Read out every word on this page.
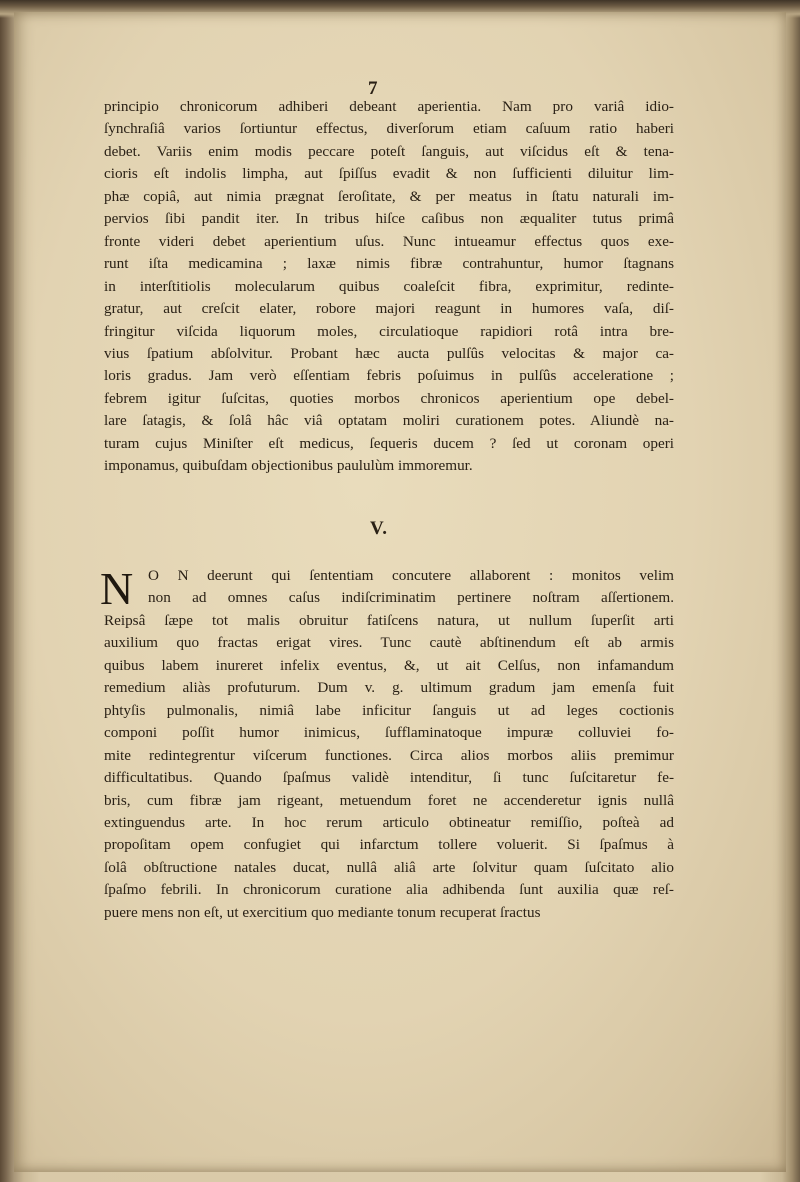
7
principio chronicorum adhiberi debeant aperientia. Nam pro variâ idio-
ſynchraſiâ varios ſortiuntur effectus, diverſorum etiam caſuum ratio haberi
debet. Variis enim modis peccare poteſt ſanguis, aut viſcidus eſt & tena-
cioris eſt indolis limpha, aut ſpiſſus evadit & non ſufficienti diluitur lim-
phæ copiâ, aut nimia prægnat ſeroſitate, & per meatus in ſtatu naturali im-
pervios ſibi pandit iter. In tribus hiſce caſibus non æqualiter tutus primâ
fronte videri debet aperientium uſus. Nunc intueamur effectus quos exe-
runt iſta medicamina ; laxæ nimis fibræ contrahuntur, humor ſtagnans
in interſtitiolis molecularum quibus coaleſcit fibra, exprimitur, redinte-
gratur, aut creſcit elater, robore majori reagunt in humores vaſa, diſ-
fringitur viſcida liquorum moles, circulatioque rapidiori rotâ intra bre-
vius ſpatium abſolvitur. Probant hæc aucta pulſûs velocitas & major ca-
loris gradus. Jam verò eſſentiam febris poſuimus in pulſûs acceleratione ;
febrem igitur ſuſcitas, quoties morbos chronicos aperientium ope debel-
lare ſatagis, & ſolâ hâc viâ optatam moliri curationem potes. Aliundè na-
turam cujus Miniſter eſt medicus, ſequeris ducem ? ſed ut coronam operi
imponamus, quibuſdam objectionibus paululùm immoremur.
V.
N O N deerunt qui ſententiam concutere allaborent : monitos velim
non ad omnes caſus indiſcriminatim pertinere noſtram aſſertionem.
Reipsâ ſæpe tot malis obruitur fatiſcens natura, ut nullum ſuperſit arti
auxilium quo fractas erigat vires. Tunc cautè abſtinendum eſt ab armis
quibus labem inureret infelix eventus, &, ut ait Celſus, non infamandum
remedium aliàs profuturum. Dum v. g. ultimum gradum jam emenſa fuit
phtyſis pulmonalis, nimiâ labe inficitur ſanguis ut ad leges coctionis
componi poſſit humor inimicus, ſufflaminatoque impuræ colluviei fo-
mite redintegrentur viſcerum functiones. Circa alios morbos aliis premimur
difficultatibus. Quando ſpaſmus validè intenditur, ſi tunc ſuſcitaretur fe-
bris, cum fibræ jam rigeant, metuendum foret ne accenderetur ignis nullâ
extinguendus arte. In hoc rerum articulo obtineatur remiſſio, poſteà ad
propoſitam opem confugiet qui infarctum tollere voluerit. Si ſpaſmus à
ſolâ obſtructione natales ducat, nullâ aliâ arte ſolvitur quam ſuſcitato alio
ſpaſmo febrili. In chronicorum curatione alia adhibenda ſunt auxilia quæ reſ-
puere mens non eſt, ut exercitium quo mediante tonum recuperat ſractus
